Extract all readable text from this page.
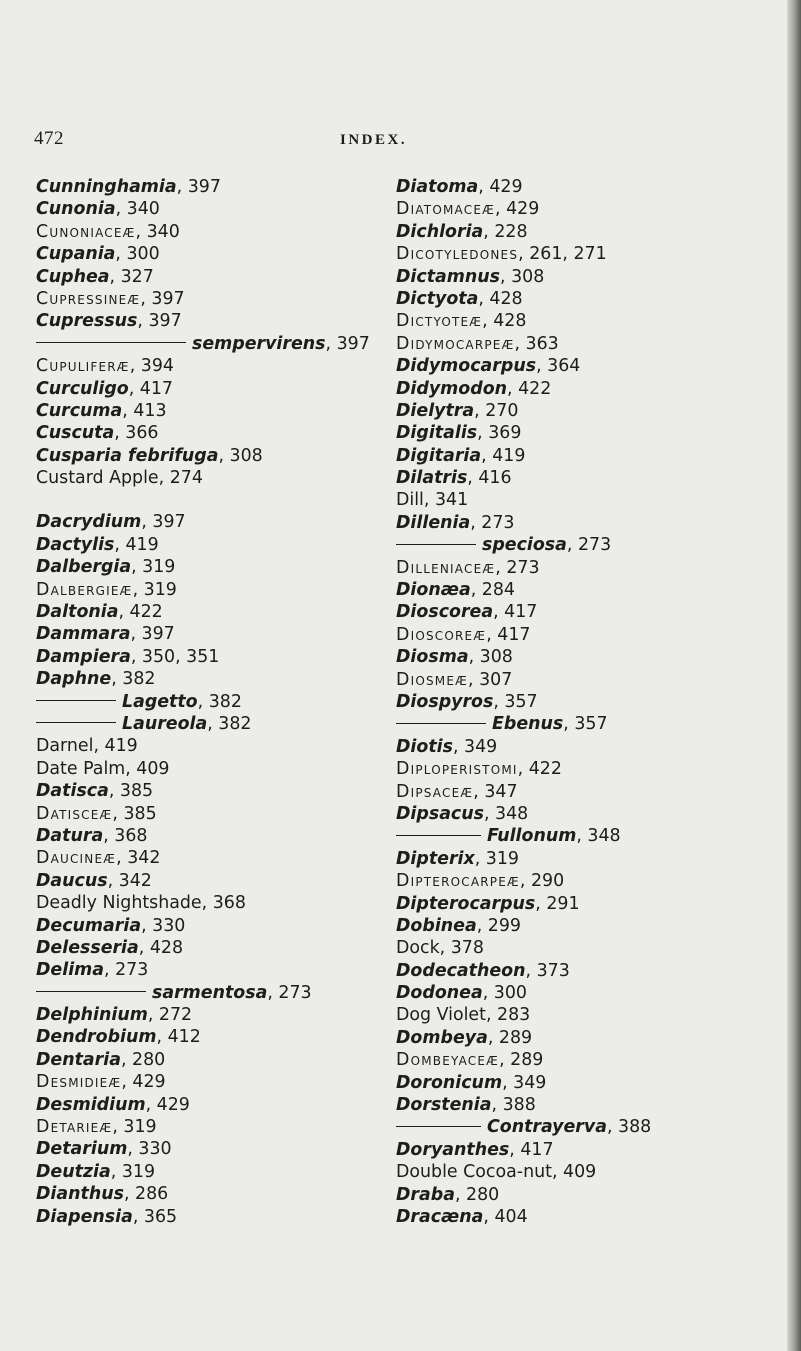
472	INDEX.
Cunninghamia, 397
Cunonia, 340
Cunoniaceæ, 340
Cupania, 300
Cuphea, 327
Cupressineæ, 397
Cupressus, 397
sempervirens, 397
Cupuliferæ, 394
Curculigo, 417
Curcuma, 413
Cuscuta, 366
Cusparia febrifuga, 308
Custard Apple, 274
Dacrydium, 397
Dactylis, 419
Dalbergia, 319
Dalbergieæ, 319
Daltonia, 422
Dammara, 397
Dampiera, 350, 351
Daphne, 382
Lagetto, 382
Laureola, 382
Darnel, 419
Date Palm, 409
Datisca, 385
Datisceæ, 385
Datura, 368
Daucineæ, 342
Daucus, 342
Deadly Nightshade, 368
Decumaria, 330
Delesseria, 428
Delima, 273
sarmentosa, 273
Delphinium, 272
Dendrobium, 412
Dentaria, 280
Desmidieæ, 429
Desmidium, 429
Detarieæ, 319
Detarium, 330
Deutzia, 319
Dianthus, 286
Diapensia, 365
Diatoma, 429
Diatomaceæ, 429
Dichloria, 228
Dicotyledones, 261, 271
Dictamnus, 308
Dictyota, 428
Dictyoteæ, 428
Didymocarpeæ, 363
Didymocarpus, 364
Didymodon, 422
Dielytra, 270
Digitalis, 369
Digitaria, 419
Dilatris, 416
Dill, 341
Dillenia, 273
speciosa, 273
Dilleniaceæ, 273
Dionæa, 284
Dioscorea, 417
Dioscoreæ, 417
Diosma, 308
Diosmeæ, 307
Diospyros, 357
Ebenus, 357
Diotis, 349
Diploperistomi, 422
Dipsaceæ, 347
Dipsacus, 348
Fullonum, 348
Dipterix, 319
Dipterocarpeæ, 290
Dipterocarpus, 291
Dobinea, 299
Dock, 378
Dodecatheon, 373
Dodonea, 300
Dog Violet, 283
Dombeya, 289
Dombeyaceæ, 289
Doronicum, 349
Dorstenia, 388
Contrayerva, 388
Doryanthes, 417
Double Cocoa-nut, 409
Draba, 280
Dracæna, 404
